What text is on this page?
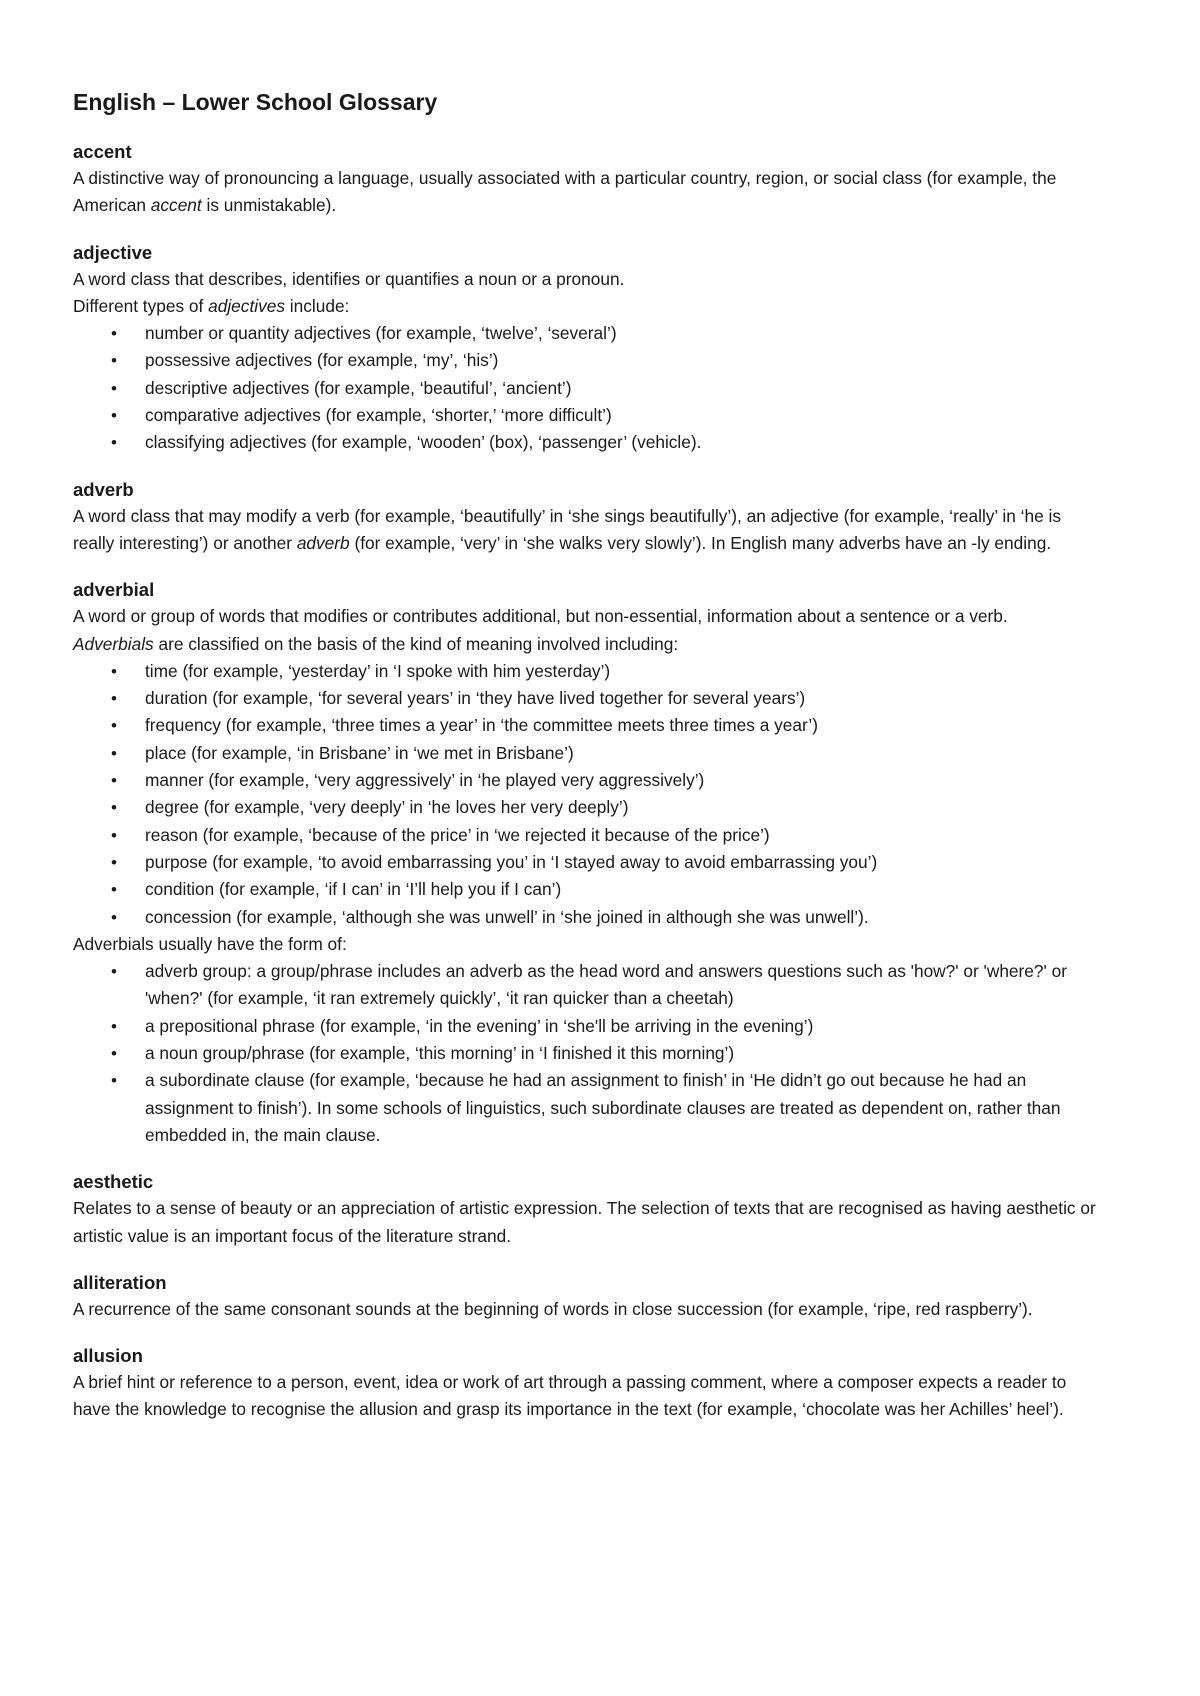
English – Lower School Glossary

accent

A distinctive way of pronouncing a language, usually associated with a particular country, region, or social class (for example, the American accent is unmistakable).

adjective

A word class that describes, identifies or quantifies a noun or a pronoun.

Different types of adjectives include:

• number or quantity adjectives (for example, ‘twelve’, ‘several’)
• possessive adjectives (for example, ‘my’, ‘his’)
• descriptive adjectives (for example, ‘beautiful’, ‘ancient’)
• comparative adjectives (for example, ‘shorter,’ ‘more difficult’)
• classifying adjectives (for example, ‘wooden’ (box), ‘passenger’ (vehicle).

adverb

A word class that may modify a verb (for example, ‘beautifully’ in ‘she sings beautifully’), an adjective (for example, ‘really’ in ‘he is really interesting’) or another adverb (for example, ‘very’ in ‘she walks very slowly’). In English many adverbs have an -ly ending.

adverbial

A word or group of words that modifies or contributes additional, but non-essential, information about a sentence or a verb.

Adverbials are classified on the basis of the kind of meaning involved including:

• time (for example, ‘yesterday’ in ‘I spoke with him yesterday’)
• duration (for example, ‘for several years’ in ‘they have lived together for several years’)
• frequency (for example, ‘three times a year’ in ‘the committee meets three times a year’)
• place (for example, ‘in Brisbane’ in ‘we met in Brisbane’)
• manner (for example, ‘very aggressively’ in ‘he played very aggressively’)
• degree (for example, ‘very deeply’ in ‘he loves her very deeply’)
• reason (for example, ‘because of the price’ in ‘we rejected it because of the price’)
• purpose (for example, ‘to avoid embarrassing you’ in ‘I stayed away to avoid embarrassing you’)
• condition (for example, ‘if I can’ in ‘I’ll help you if I can’)
• concession (for example, ‘although she was unwell’ in ‘she joined in although she was unwell’).

Adverbials usually have the form of:

• adverb group: a group/phrase includes an adverb as the head word and answers questions such as 'how?' or 'where?' or 'when?' (for example, ‘it ran extremely quickly’, ‘it ran quicker than a cheetah)
• a prepositional phrase (for example, ‘in the evening’ in ‘she'll be arriving in the evening’)
• a noun group/phrase (for example, ‘this morning’ in ‘I finished it this morning’)
• a subordinate clause (for example, ‘because he had an assignment to finish’ in ‘He didn’t go out because he had an assignment to finish’). In some schools of linguistics, such subordinate clauses are treated as dependent on, rather than embedded in, the main clause.

aesthetic

Relates to a sense of beauty or an appreciation of artistic expression. The selection of texts that are recognised as having aesthetic or artistic value is an important focus of the literature strand.

alliteration

A recurrence of the same consonant sounds at the beginning of words in close succession (for example, ‘ripe, red raspberry’).

allusion

A brief hint or reference to a person, event, idea or work of art through a passing comment, where a composer expects a reader to have the knowledge to recognise the allusion and grasp its importance in the text (for example, ‘chocolate was her Achilles’ heel’).
